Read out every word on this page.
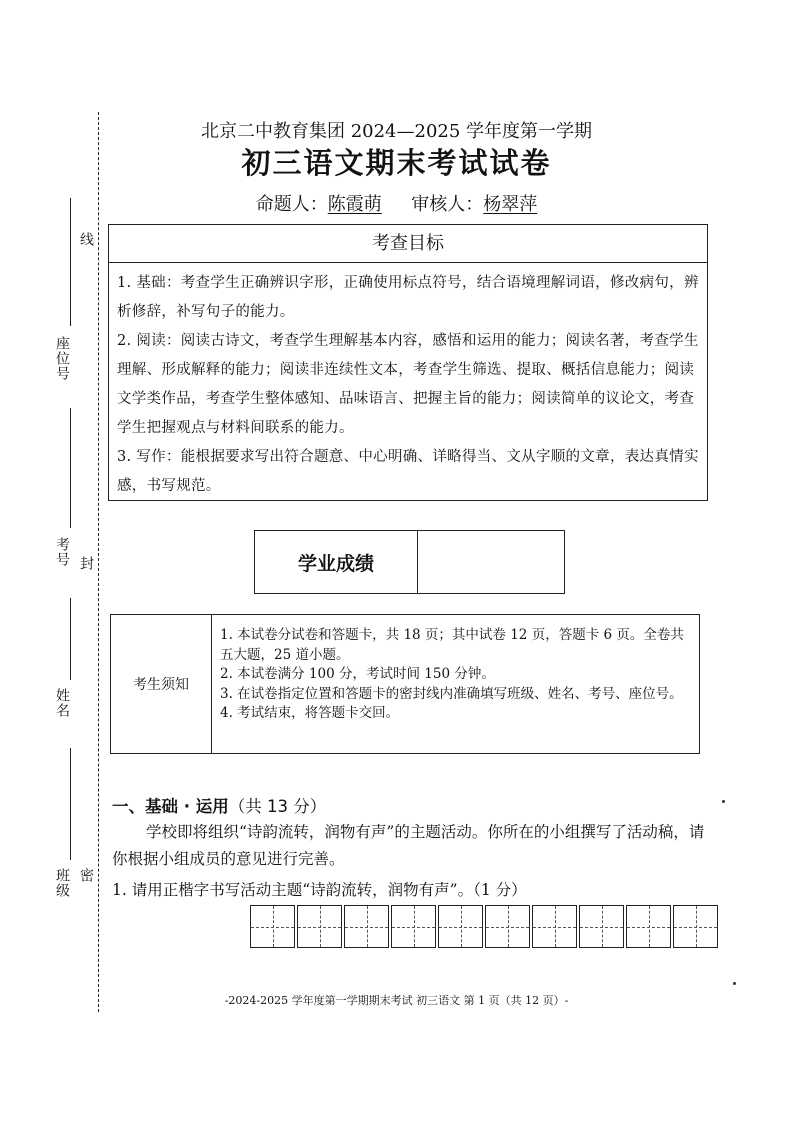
线
座位号
考号 封
姓名
班级 密
北京二中教育集团 2024—2025 学年度第一学期
初三语文期末考试试卷
命题人：陈霞萌 审核人：杨翠萍
考查目标

1. 基础：考查学生正确辨识字形，正确使用标点符号，结合语境理解词语，修改病句，辨析修辞，补写句子的能力。

2. 阅读：阅读古诗文，考查学生理解基本内容，感悟和运用的能力；阅读名著，考查学生理解、形成解释的能力；阅读非连续性文本，考查学生筛选、提取、概括信息能力；阅读文学类作品，考查学生整体感知、品味语言、把握主旨的能力；阅读简单的议论文，考查学生把握观点与材料间联系的能力。

3. 写作：能根据要求写出符合题意、中心明确、详略得当、文从字顺的文章，表达真情实感，书写规范。

学业成绩
考生须知

1. 本试卷分试卷和答题卡，共 18 页；其中试卷 12 页，答题卡 6 页。全卷共五大题，25 道小题。

2. 本试卷满分 100 分，考试时间 150 分钟。

3. 在试卷指定位置和答题卡的密封线内准确填写班级、姓名、考号、座位号。

4. 考试结束，将答题卡交回。

一、基础 · 运用（共 13 分）
学校即将组织“诗韵流转，润物有声”的主题活动。你所在的小组撰写了活动稿，请你根据小组成员的意见进行完善。
1. 请用正楷字书写活动主题“诗韵流转，润物有声”。（1 分）
-2024-2025 学年度第一学期期末考试 初三语文 第 1 页（共 12 页）-
